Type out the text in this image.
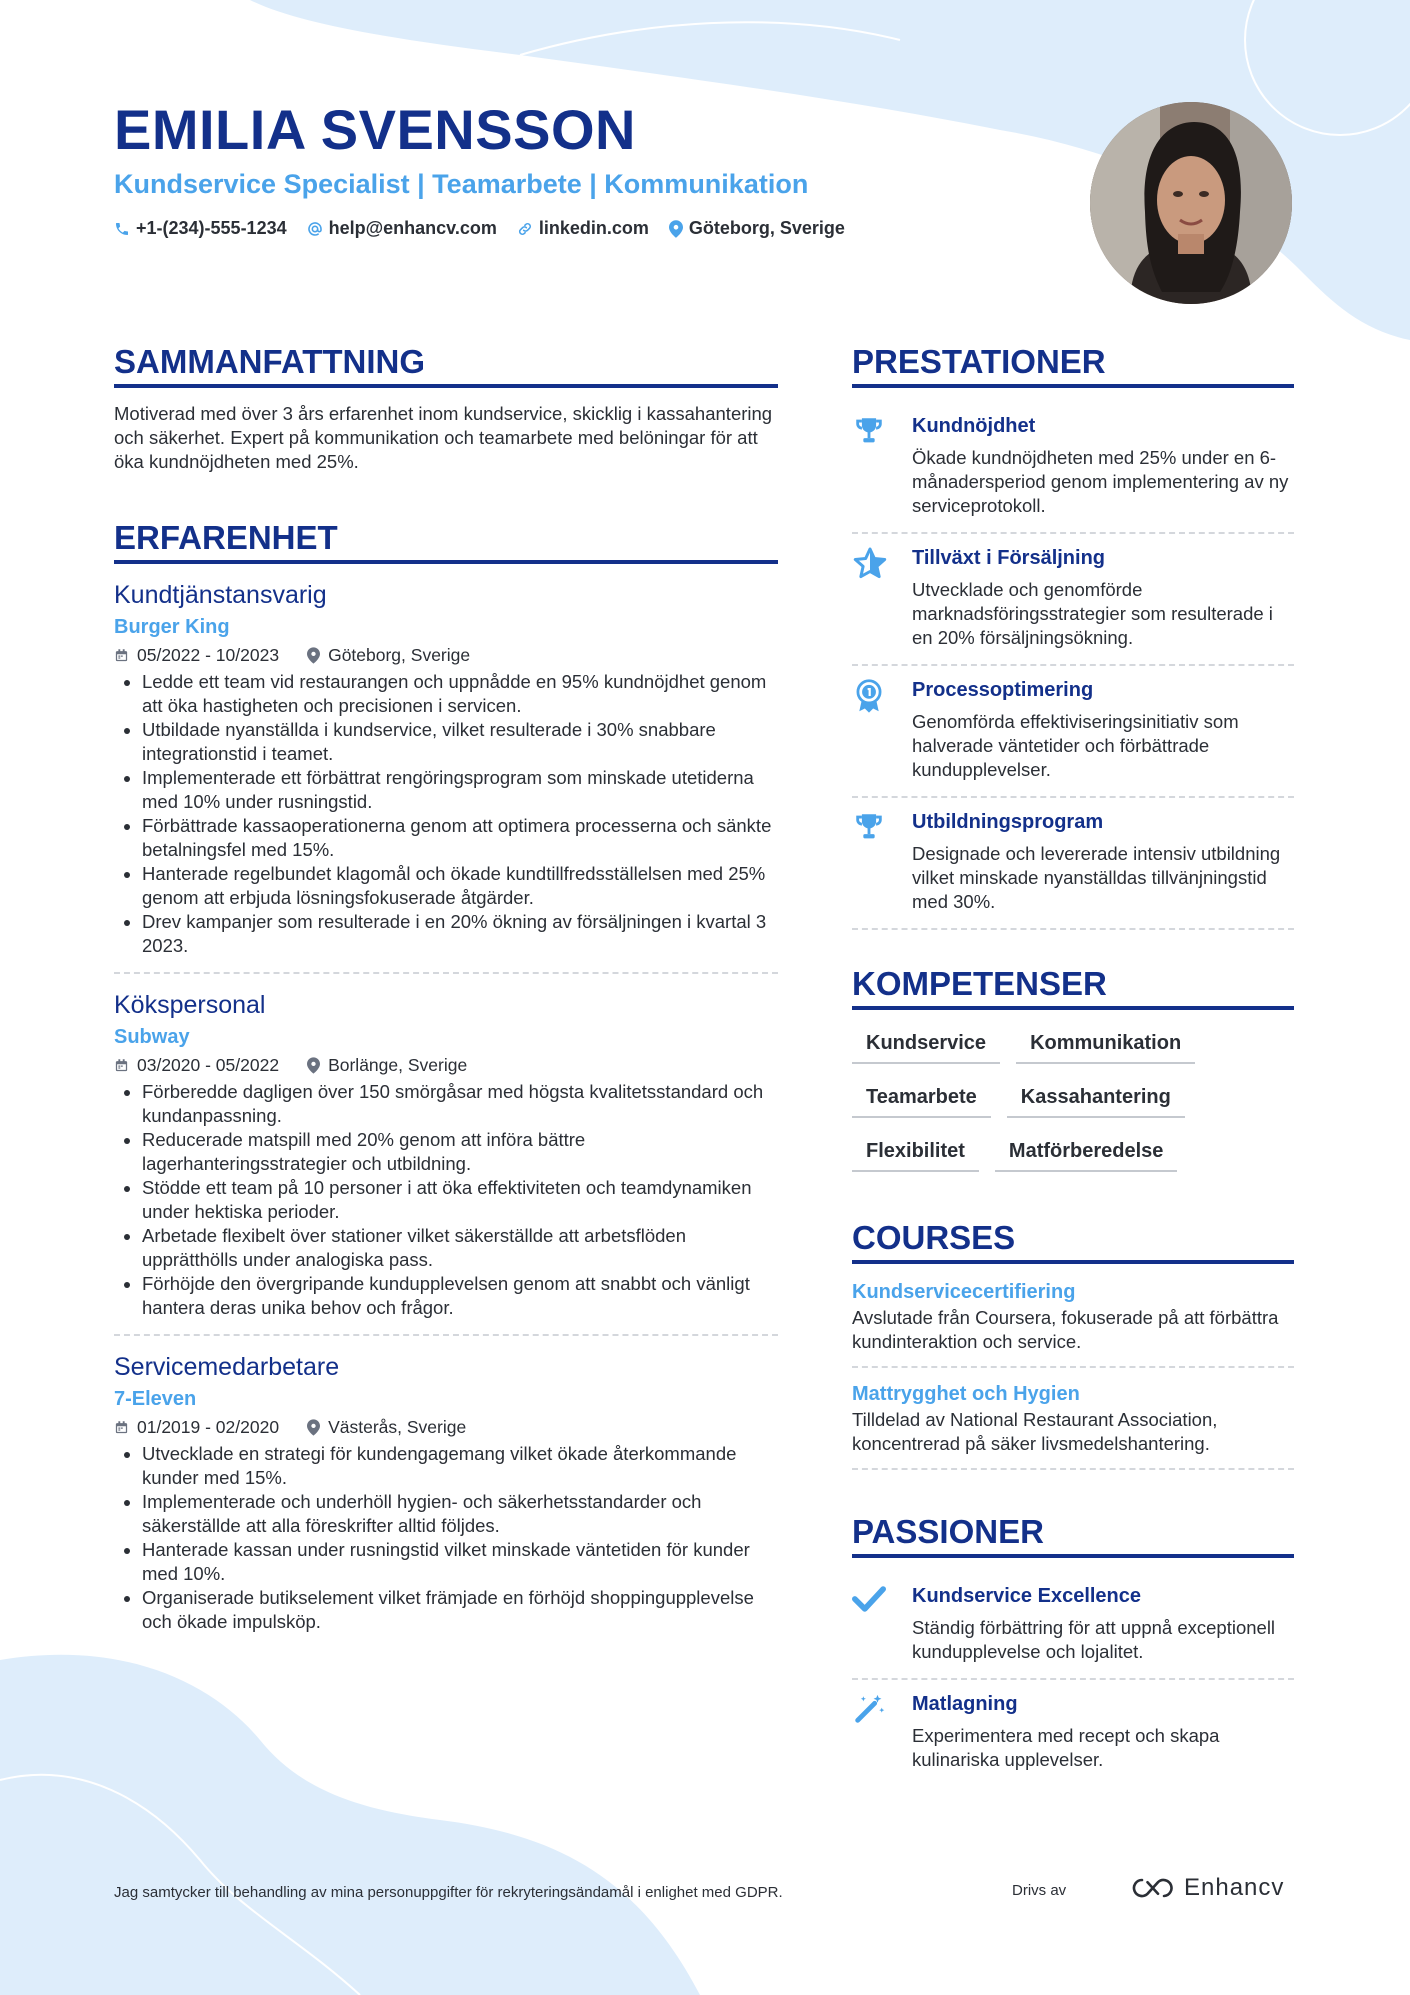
EMILIA SVENSSON
Kundservice Specialist | Teamarbete | Kommunikation
+1-(234)-555-1234 help@enhancv.com linkedin.com Göteborg, Sverige
SAMMANFATTNING

Motiverad med över 3 års erfarenhet inom kundservice, skicklig i kassahantering och säkerhet. Expert på kommunikation och teamarbete med belöningar för att öka kundnöjdheten med 25%.

ERFARENHET
Kundtjänstansvarig
Burger King
05/2022 - 10/2023	Göteborg, Sverige
• Ledde ett team vid restaurangen och uppnådde en 95% kundnöjdhet genom att öka hastigheten och precisionen i servicen.
• Utbildade nyanställda i kundservice, vilket resulterade i 30% snabbare integrationstid i teamet.
• Implementerade ett förbättrat rengöringsprogram som minskade utetiderna med 10% under rusningstid.
• Förbättrade kassaoperationerna genom att optimera processerna och sänkte betalningsfel med 15%.
• Hanterade regelbundet klagomål och ökade kundtillfredsställelsen med 25% genom att erbjuda lösningsfokuserade åtgärder.
• Drev kampanjer som resulterade i en 20% ökning av försäljningen i kvartal 3 2023.
Kökspersonal
Subway
03/2020 - 05/2022	Borlänge, Sverige
• Förberedde dagligen över 150 smörgåsar med högsta kvalitetsstandard och kundanpassning.
• Reducerade matspill med 20% genom att införa bättre lagerhanteringsstrategier och utbildning.
• Stödde ett team på 10 personer i att öka effektiviteten och teamdynamiken under hektiska perioder.
• Arbetade flexibelt över stationer vilket säkerställde att arbetsflöden upprätthölls under analogiska pass.
• Förhöjde den övergripande kundupplevelsen genom att snabbt och vänligt hantera deras unika behov och frågor.
Servicemedarbetare
7-Eleven
01/2019 - 02/2020	Västerås, Sverige
• Utvecklade en strategi för kundengagemang vilket ökade återkommande kunder med 15%.
• Implementerade och underhöll hygien- och säkerhetsstandarder och säkerställde att alla föreskrifter alltid följdes.
• Hanterade kassan under rusningstid vilket minskade väntetiden för kunder med 10%.
• Organiserade butikselement vilket främjade en förhöjd shoppingupplevelse och ökade impulsköp.
PRESTATIONER
Kundnöjdhet
Ökade kundnöjdheten med 25% under en 6-månadersperiod genom implementering av ny serviceprotokoll.
Tillväxt i Försäljning
Utvecklade och genomförde marknadsföringsstrategier som resulterade i en 20% försäljningsökning.
Processoptimering
Genomförda effektiviseringsinitiativ som halverade väntetider och förbättrade kundupplevelser.
Utbildningsprogram
Designade och levererade intensiv utbildning vilket minskade nyanställdas tillvänjningstid med 30%.
KOMPETENSER
Kundservice	Kommunikation
Teamarbete	Kassahantering
Flexibilitet	Matförberedelse
COURSES
Kundservicecertifiering
Avslutade från Coursera, fokuserade på att förbättra kundinteraktion och service.
Mattrygghet och Hygien
Tilldelad av National Restaurant Association, koncentrerad på säker livsmedelshantering.
PASSIONER
Kundservice Excellence
Ständig förbättring för att uppnå exceptionell kundupplevelse och lojalitet.
Matlagning
Experimentera med recept och skapa kulinariska upplevelser.
Jag samtycker till behandling av mina personuppgifter för rekryteringsändamål i enlighet med GDPR.	Drivs av	Enhancv
